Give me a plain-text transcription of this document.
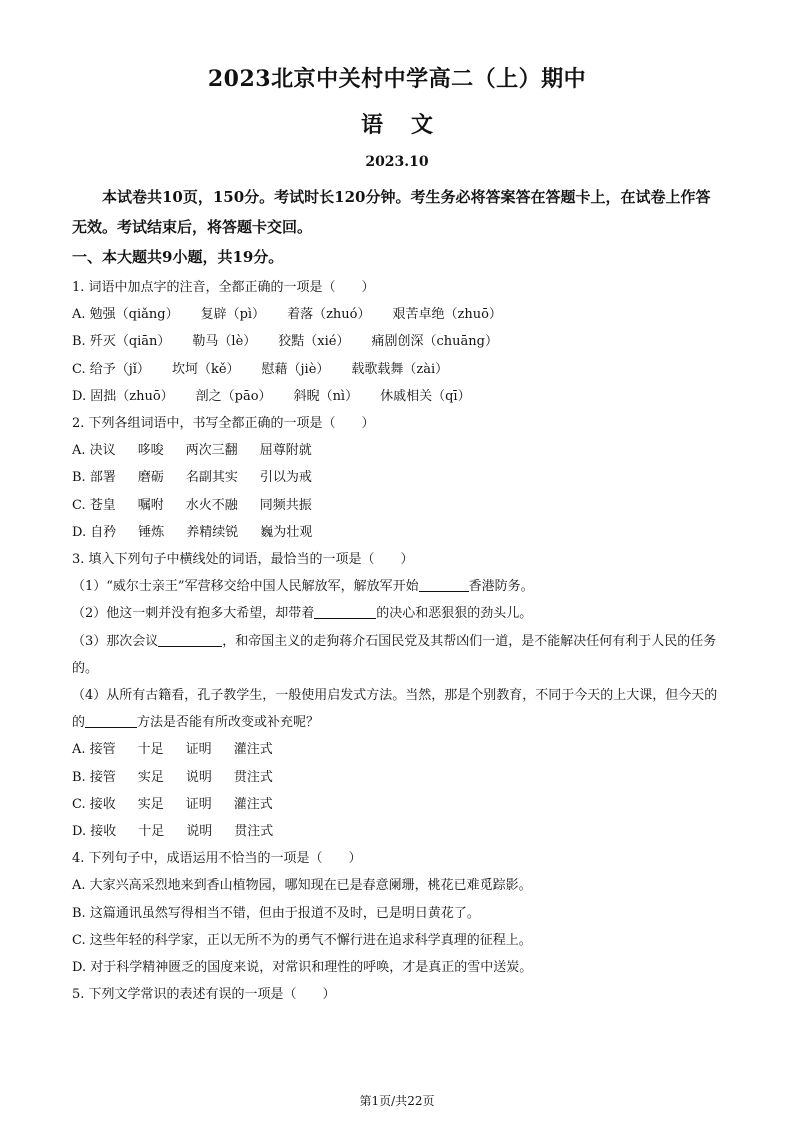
2023北京中关村中学高二（上）期中
语文
2023.10
本试卷共10页，150分。考试时长120分钟。考生务必将答案答在答题卡上，在试卷上作答无效。考试结束后，将答题卡交回。
一、本大题共9小题，共19分。
1. 词语中加点字的注音，全都正确的一项是（　　）
A. 勉强（qiǎng） 复辟（pì） 着落（zhuó） 艰苦卓绝（zhuō）
B. 歼灭（qiān） 勒马（lè） 狡黠（xié） 痛剧创深（chuāng）
C. 给予（jǐ） 坎坷（kě） 慰藉（jiè） 载歌载舞（zài）
D. 固拙（zhuō） 剖之（pāo） 斜睨（nì） 休戚相关（qī）
2. 下列各组词语中，书写全都正确的一项是（　　）
A. 决议 哆唆 两次三翻 屈尊附就
B. 部署 磨砺 名副其实 引以为戒
C. 苍皇 嘱咐 水火不融 同频共振
D. 自矜 锤炼 养精续锐 巍为壮观
3. 填入下列句子中横线处的词语，最恰当的一项是（　　）
（1）“威尔士亲王”军营移交给中国人民解放军，解放军开始	香港防务。
（2）他这一刺并没有抱多大希望，却带着	的决心和恶狠狠的劲头儿。
（3）那次会议	，和帝国主义的走狗蒋介石国民党及其帮凶们一道，是不能解决任何有利于人民的任务的。
（4）从所有古籍看，孔子教学生，一般使用启发式方法。当然，那是个别教育，不同于今天的上大课，但今天的的	方法是否能有所改变或补充呢？
A. 接管 十足 证明 灌注式
B. 接管 实足 说明 贯注式
C. 接收 实足 证明 灌注式
D. 接收 十足 说明 贯注式
4. 下列句子中，成语运用不恰当的一项是（　　）
A. 大家兴高采烈地来到香山植物园，哪知现在已是春意阑珊，桃花已难觅踪影。
B. 这篇通讯虽然写得相当不错，但由于报道不及时，已是明日黄花了。
C. 这些年轻的科学家，正以无所不为的勇气不懈行进在追求科学真理的征程上。
D. 对于科学精神匮乏的国度来说，对常识和理性的呼唤，才是真正的雪中送炭。
5. 下列文学常识的表述有误的一项是（　　）
第1页/共22页
